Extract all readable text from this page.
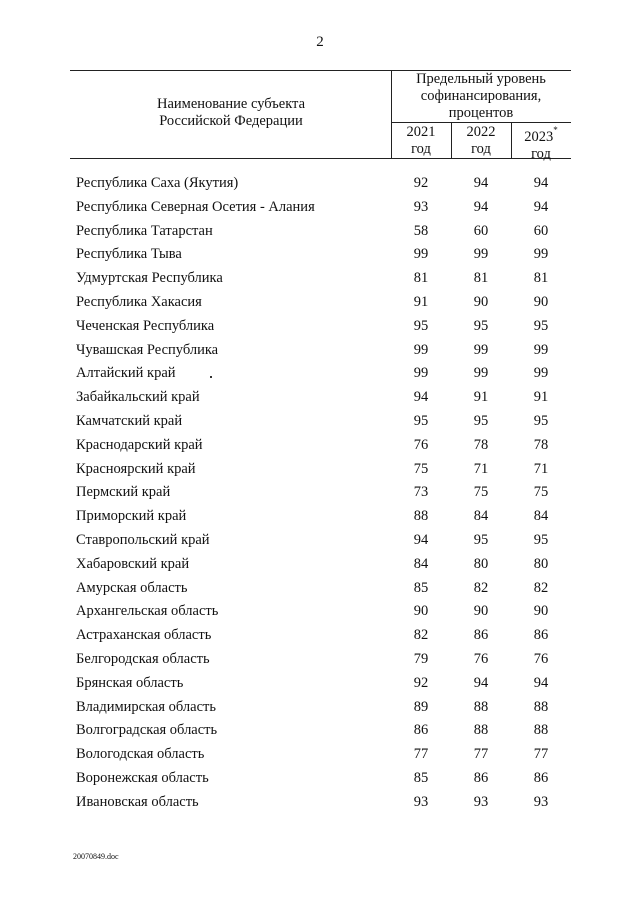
2
Наименование субъекта
Российской Федерации
Предельный уровень
софинансирования,
процентов
2021
год
2022
год
2023*
год
Республика Саха (Якутия)	92	94	94
Республика Северная Осетия - Алания	93	94	94
Республика Татарстан	58	60	60
Республика Тыва	99	99	99
Удмуртская Республика	81	81	81
Республика Хакасия	91	90	90
Чеченская Республика	95	95	95
Чувашская Республика	99	99	99
Алтайский край	99	99	99
Забайкальский край	94	91	91
Камчатский край	95	95	95
Краснодарский край	76	78	78
Красноярский край	75	71	71
Пермский край	73	75	75
Приморский край	88	84	84
Ставропольский край	94	95	95
Хабаровский край	84	80	80
Амурская область	85	82	82
Архангельская область	90	90	90
Астраханская область	82	86	86
Белгородская область	79	76	76
Брянская область	92	94	94
Владимирская область	89	88	88
Волгоградская область	86	88	88
Вологодская область	77	77	77
Воронежская область	85	86	86
Ивановская область	93	93	93
20070849.doc
